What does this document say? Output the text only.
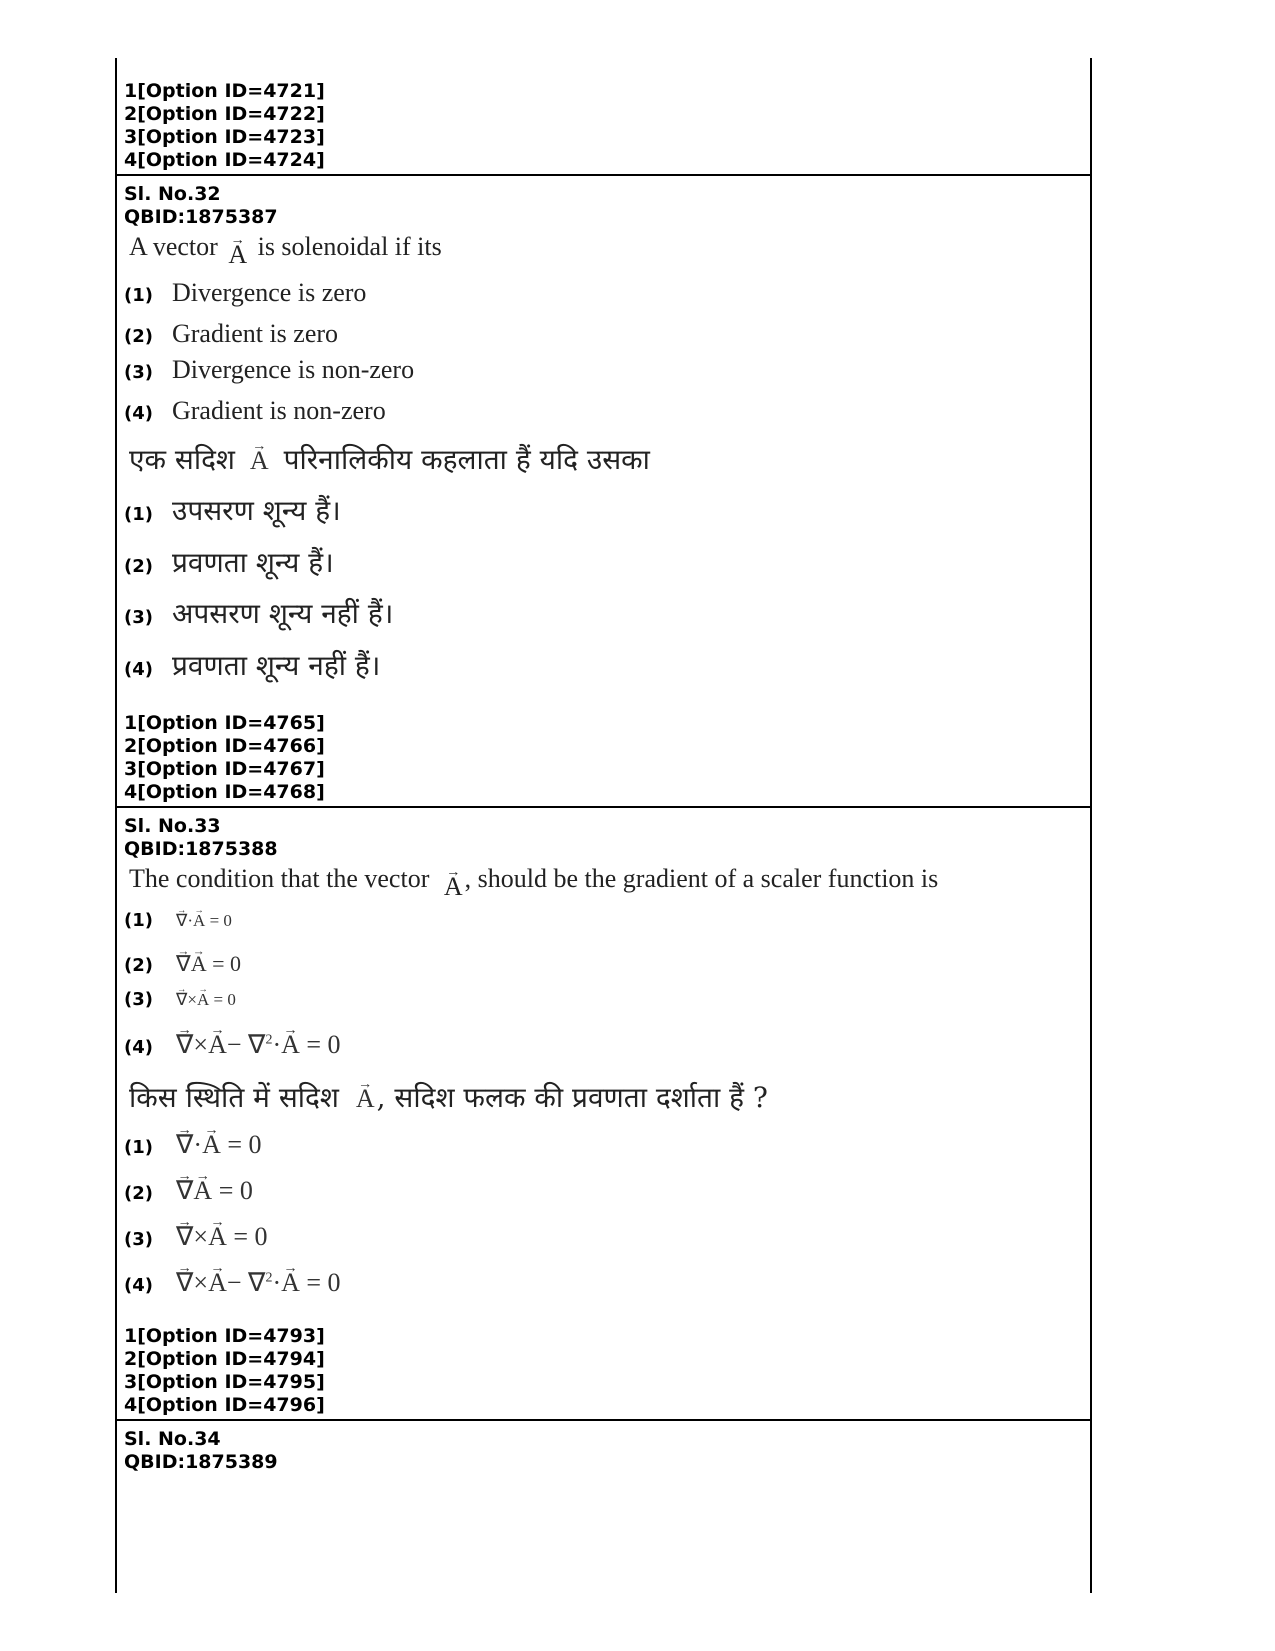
1[Option ID=4721]
2[Option ID=4722]
3[Option ID=4723]
4[Option ID=4724]
Sl. No.32
QBID:1875387
A vector → A is solenoidal if its
(1) Divergence is zero
(2) Gradient is zero
(3) Divergence is non-zero
(4) Gradient is non-zero
एक सदिश → A परिनालिकीय कहलाता हैं यदि उसका
(1) उपसरण शून्य हैं।
(2) प्रवणता शून्य हैं।
(3) अपसरण शून्य नहीं हैं।
(4) प्रवणता शून्य नहीं हैं।
1[Option ID=4765]
2[Option ID=4766]
3[Option ID=4767]
4[Option ID=4768]
Sl. No.33
QBID:1875388
The condition that the vector → A, should be the gradient of a scaler function is
(1) → ∇·→ A = 0
(2) → ∇→ A = 0
(3) → ∇×→ A = 0
(4) → ∇×→ A− ∇$^2$·→ A = 0
किस स्थिति में सदिश → A, सदिश फलक की प्रवणता दर्शाता हैं ?
(1) → ∇·→ A = 0
(2) → ∇→ A = 0
(3) → ∇×→ A = 0
(4) → ∇×→ A− ∇$^2$·→ A = 0
1[Option ID=4793]
2[Option ID=4794]
3[Option ID=4795]
4[Option ID=4796]
Sl. No.34
QBID:1875389
